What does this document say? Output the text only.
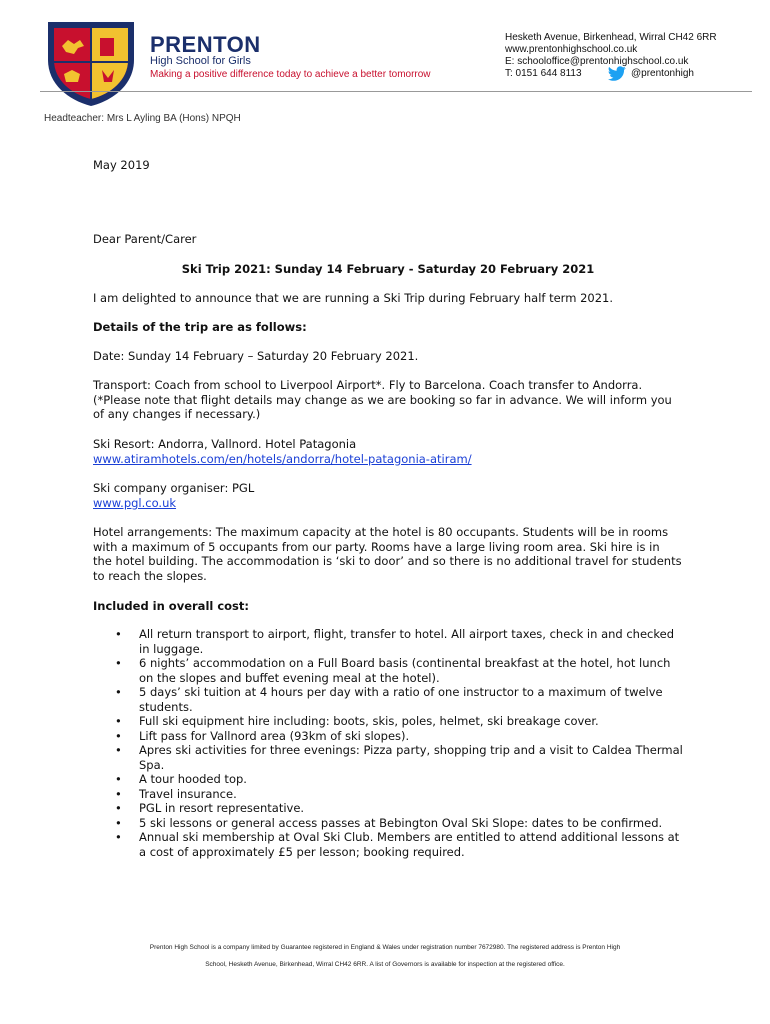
PRENTON
High School for Girls
Making a positive difference today to achieve a better tomorrow
Hesketh Avenue, Birkenhead, Wirral CH42 6RR
www.prentonhighschool.co.uk
E: schooloffice@prentonhighschool.co.uk
T: 0151 644 8113	@prentonhigh
Headteacher: Mrs L Ayling BA (Hons) NPQH
May 2019
Dear Parent/Carer
Ski Trip 2021: Sunday 14 February - Saturday 20 February 2021
I am delighted to announce that we are running a Ski Trip during February half term 2021.
Details of the trip are as follows:
Date: Sunday 14 February – Saturday 20 February 2021.
Transport: Coach from school to Liverpool Airport*. Fly to Barcelona. Coach transfer to Andorra.
(*Please note that flight details may change as we are booking so far in advance. We will inform you
of any changes if necessary.)
Ski Resort: Andorra, Vallnord. Hotel Patagonia
www.atiramhotels.com/en/hotels/andorra/hotel-patagonia-atiram/
Ski company organiser: PGL
www.pgl.co.uk
Hotel arrangements: The maximum capacity at the hotel is 80 occupants. Students will be in rooms
with a maximum of 5 occupants from our party. Rooms have a large living room area. Ski hire is in
the hotel building. The accommodation is ‘ski to door’ and so there is no additional travel for students
to reach the slopes.
Included in overall cost:
• All return transport to airport, flight, transfer to hotel. All airport taxes, check in and checked
in luggage.
• 6 nights’ accommodation on a Full Board basis (continental breakfast at the hotel, hot lunch
on the slopes and buffet evening meal at the hotel).
• 5 days’ ski tuition at 4 hours per day with a ratio of one instructor to a maximum of twelve
students.
• Full ski equipment hire including: boots, skis, poles, helmet, ski breakage cover.
• Lift pass for Vallnord area (93km of ski slopes).
• Apres ski activities for three evenings: Pizza party, shopping trip and a visit to Caldea Thermal
Spa.
• A tour hooded top.
• Travel insurance.
• PGL in resort representative.
• 5 ski lessons or general access passes at Bebington Oval Ski Slope: dates to be confirmed.
• Annual ski membership at Oval Ski Club. Members are entitled to attend additional lessons at
a cost of approximately £5 per lesson; booking required.
Prenton High School is a company limited by Guarantee registered in England & Wales under registration number 7672980. The registered address is Prenton High
School, Hesketh Avenue, Birkenhead, Wirral CH42 6RR. A list of Governors is available for inspection at the registered office.
